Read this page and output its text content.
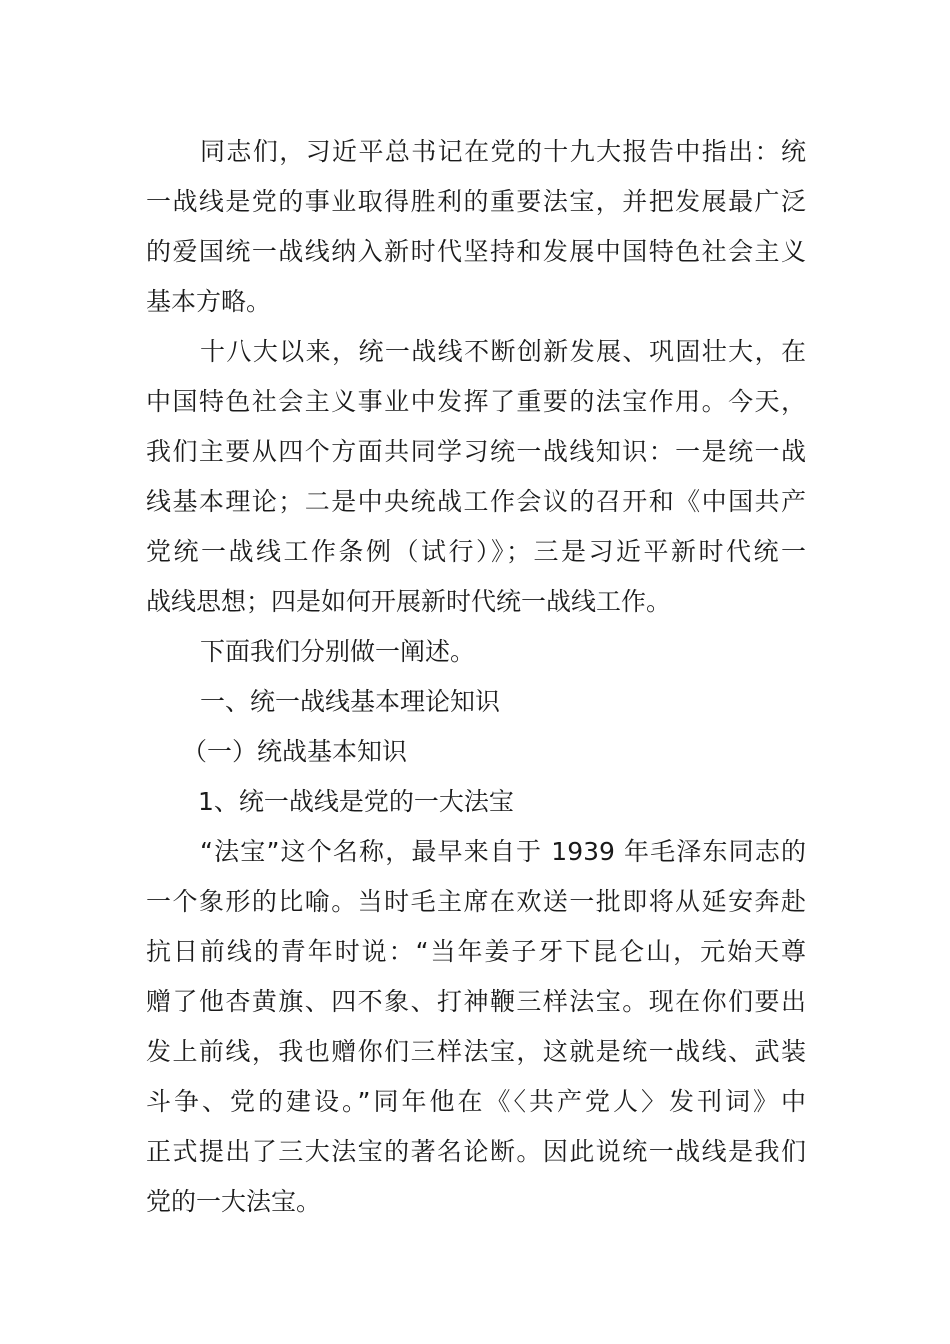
同志们，习近平总书记在党的十九大报告中指出：统
一战线是党的事业取得胜利的重要法宝，并把发展最广泛
的爱国统一战线纳入新时代坚持和发展中国特色社会主义
基本方略。
十八大以来，统一战线不断创新发展、巩固壮大，在
中国特色社会主义事业中发挥了重要的法宝作用。今天，
我们主要从四个方面共同学习统一战线知识：一是统一战
线基本理论；二是中央统战工作会议的召开和《中国共产
党统一战线工作条例（试行）》；三是习近平新时代统一
战线思想；四是如何开展新时代统一战线工作。
下面我们分别做一阐述。
一、统一战线基本理论知识
（一）统战基本知识
1、统一战线是党的一大法宝
“法宝”这个名称，最早来自于 1939 年毛泽东同志的
一个象形的比喻。当时毛主席在欢送一批即将从延安奔赴
抗日前线的青年时说：“当年姜子牙下昆仑山，元始天尊
赠了他杏黄旗、四不象、打神鞭三样法宝。现在你们要出
发上前线，我也赠你们三样法宝，这就是统一战线、武装
斗争、党的建设。”同年他在《〈共产党人〉发刊词》中
正式提出了三大法宝的著名论断。因此说统一战线是我们
党的一大法宝。
